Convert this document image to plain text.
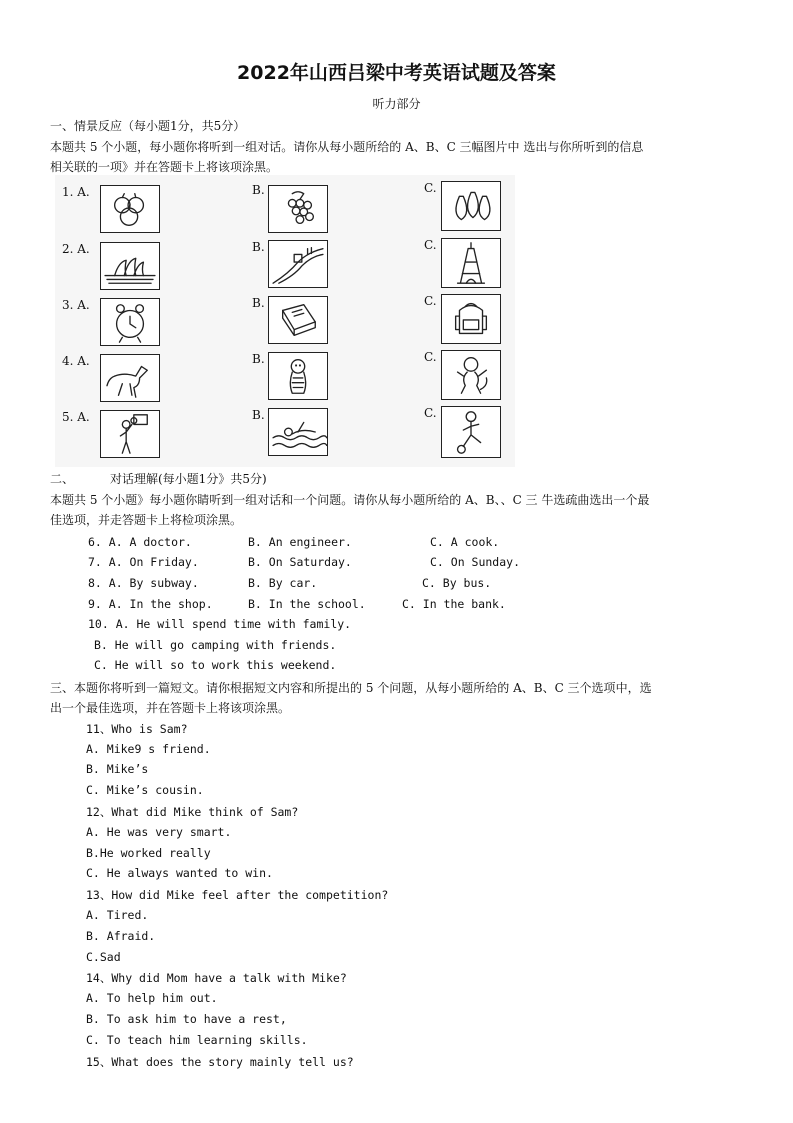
2022年山西吕梁中考英语试题及答案
听力部分
一、情景反应（每小题1分，共5分）
本题共 5 个小题，每小题你将听到一组对话。请你从每小题所给的 A、B、C 三幅图片中 选出与你所听到的信息
相关联的一项》并在答题卡上将该项涂黑。
1. A.	B.	C.
2. A.	B.	C.
3. A.	B.	C.
4. A.	B.	C.
5. A.	B.	C.
二、	对话理解(每小题1分》共5分)
本题共 5 个小题》每小题你睛听到一组对话和一个问题。请你从每小题所给的 A、B、、C 三 牛选疏曲选出一个最
佳选项，并走答题卡上将检项涂黑。
6. A. A doctor.	B. An engineer.	C. A cook.
7. A. On Friday.	B. On Saturday.	C. On Sunday.
8. A. By subway.	B. By car.	C. By bus.
9. A. In the shop.	B. In the school.	C. In the bank.
10. A. He will spend time with family.
B. He will go camping with friends.
C. He will so to work this weekend.
三、本题你将听到一篇短文。请你根据短文内容和所提出的 5 个问题，从每小题所给的 A、B、C 三个选项中，选
出一个最佳选项，并在答题卡上将该项涂黑。
11、Who is Sam?
A. Mike9 s friend.
B. Mike’s
C. Mike’s cousin.
12、What did Mike think of Sam?
A. He was very smart.
B.He worked really
C. He always wanted to win.
13、How did Mike feel after the competition?
A. Tired.
B. Afraid.
C.Sad
14、Why did Mom have a talk with Mike?
A. To help him out.
B. To ask him to have a rest,
C. To teach him learning skills.
15、What does the story mainly tell us?
